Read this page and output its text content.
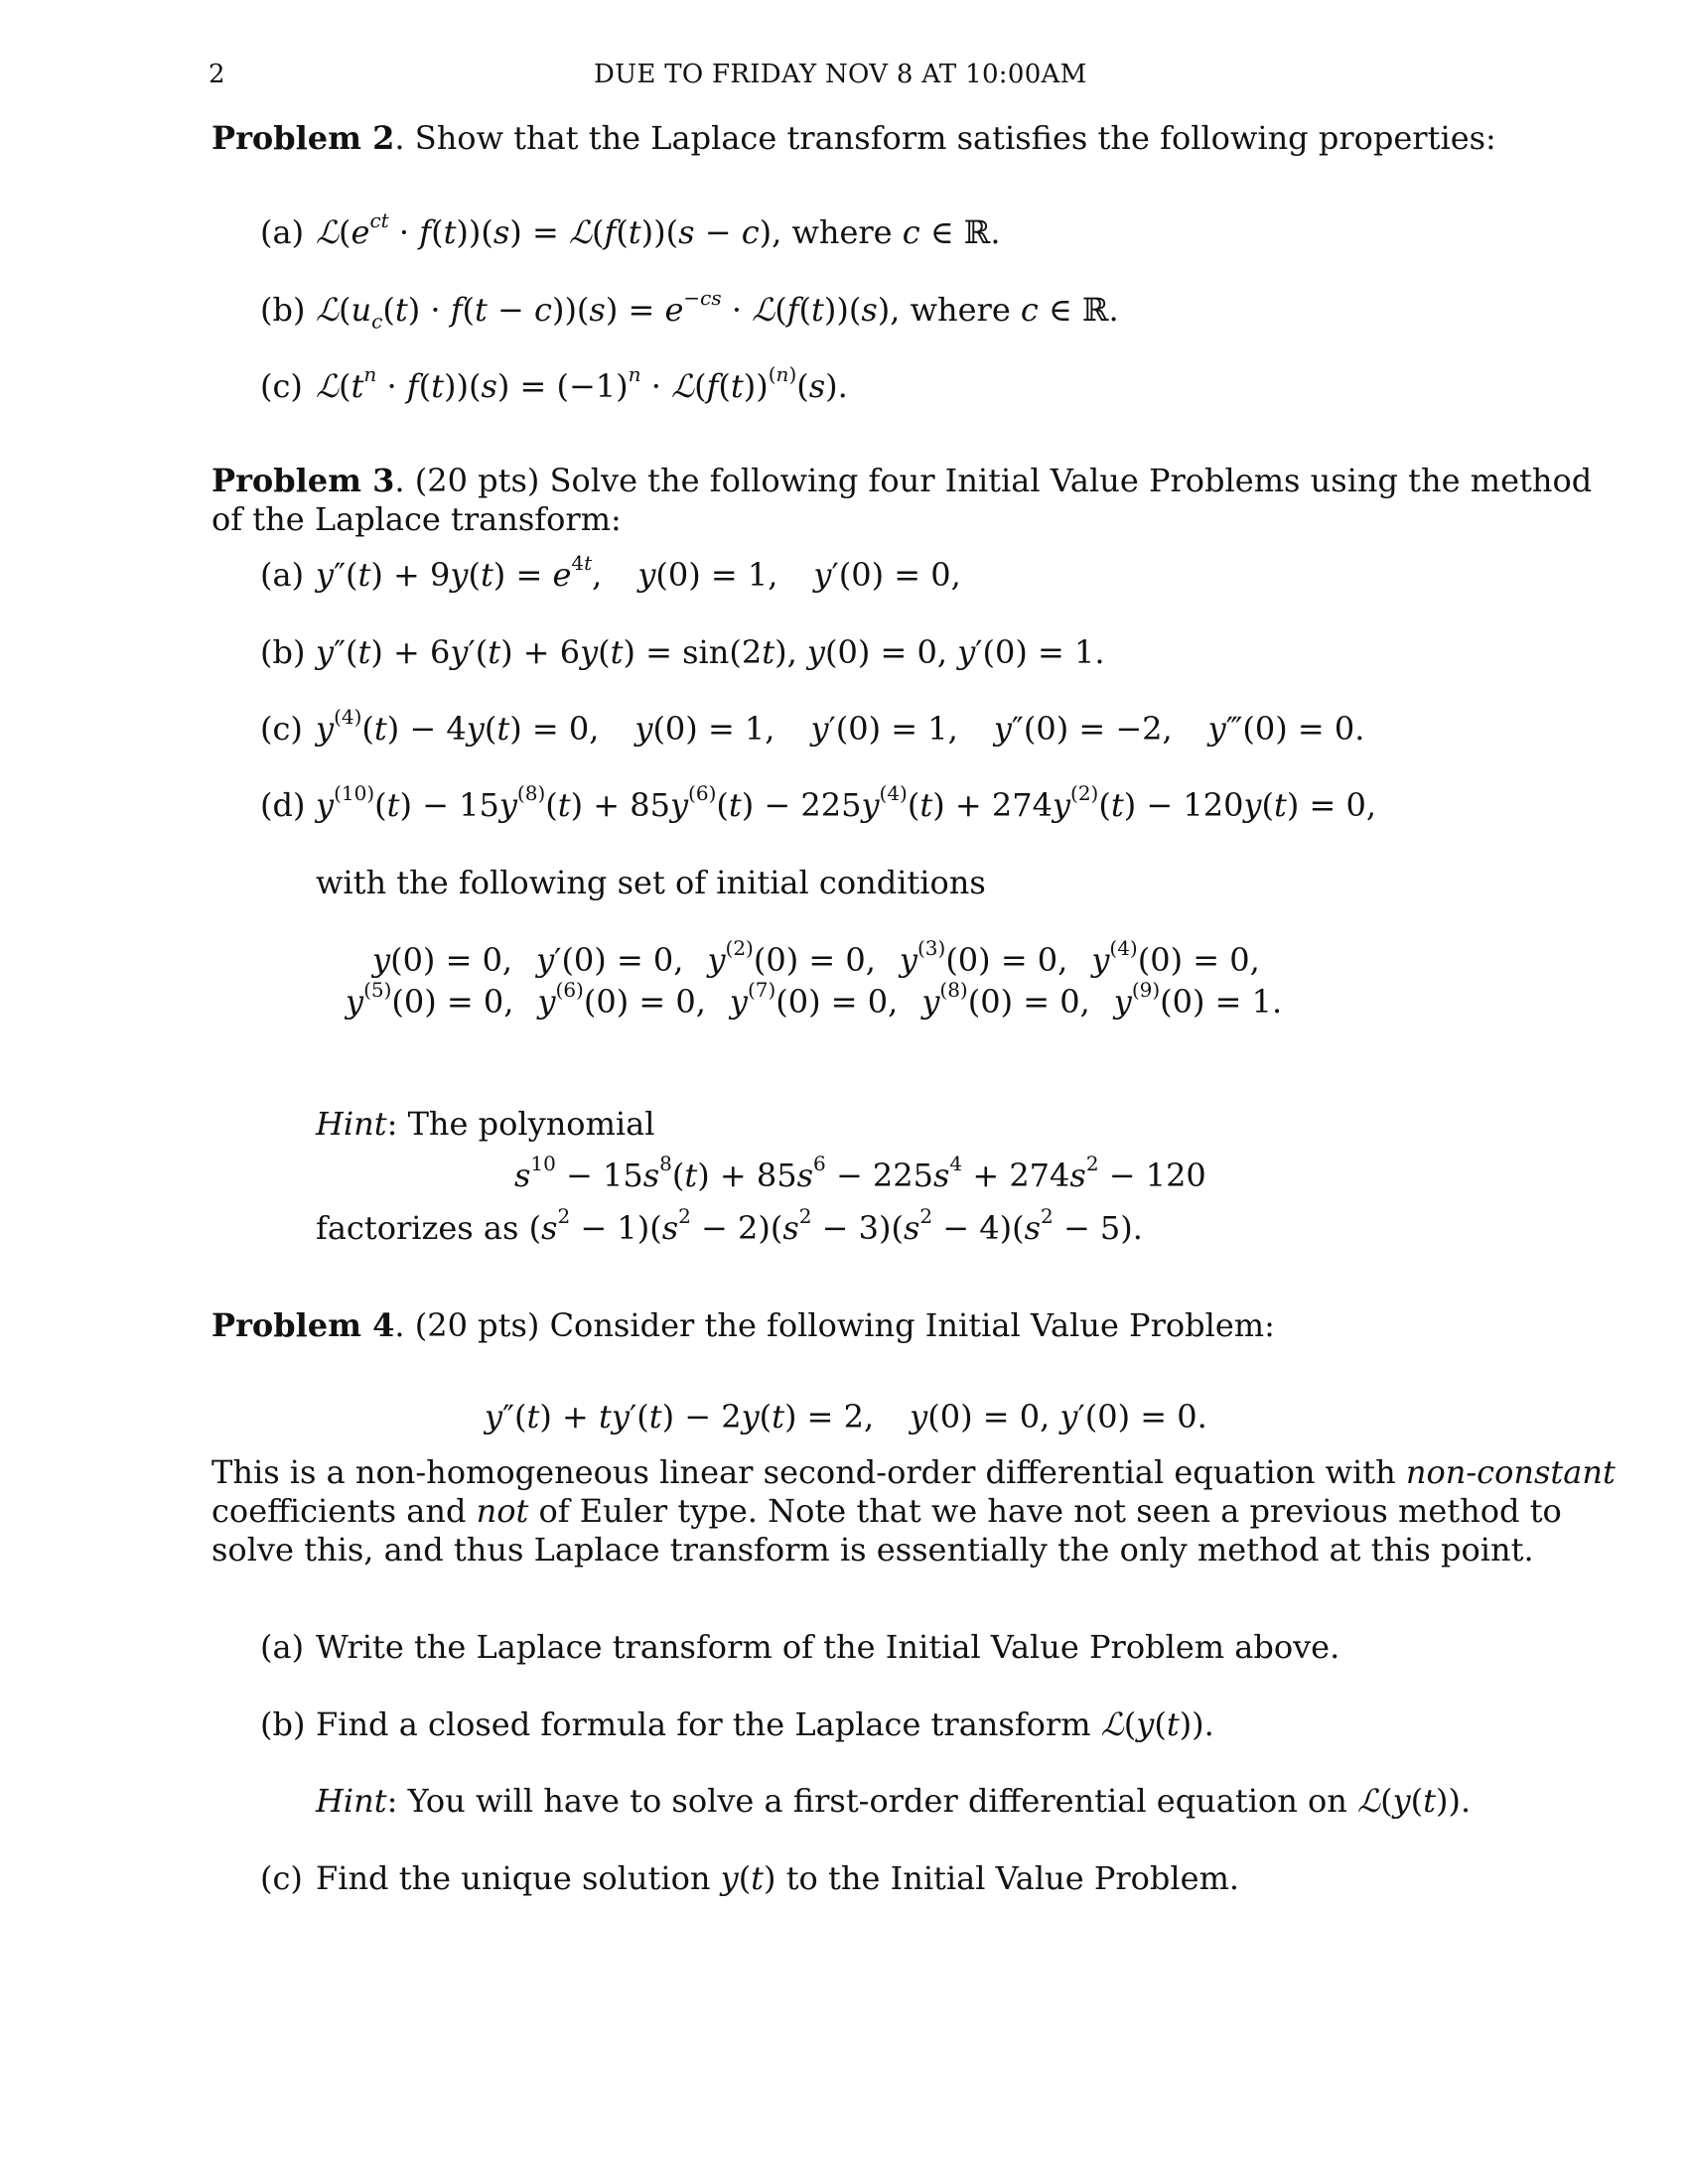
2	DUE TO FRIDAY NOV 8 AT 10:00AM
Problem 2. Show that the Laplace transform satisfies the following properties:
(a) $ℒ(e^{ct} \cdot f(t))(s)$ = ℒ(f(t))(s − c), where c ∈ ℝ.
(b) $ℒ(u_c(t) \cdot f(t - c))(s) = e^{-cs}$ · ℒ(f(t))(s), where c ∈ ℝ.
(c) $ℒ(t^n \cdot f(t))(s) = (-1)^n$ · $ℒ(f(t))^{(n)}(s)$.
Problem 3. (20 pts) Solve the following four Initial Value Problems using the method
of the Laplace transform:
(a) $y''(t) + 9y(t) = e^{4t}$, y(0) = 1, y′(0) = 0,
(b) y″(t) + 6y′(t) + 6y(t) = sin(2t), y(0) = 0, y′(0) = 1.
(c) $y^{(4)}(t) - 4y(t) = 0$, y(0) = 1, y′(0) = 1, y″(0) = −2, y‴(0) = 0.
(d) $y^{(10)}(t) - 15y^{(8)}(t) + 85y^{(6)}(t) - 225y^{(4)}(t) + 274y^{(2)}(t) - 120y(t) = 0$,
with the following set of initial conditions
y(0) = 0, y′(0) = 0, $y^{(2)}(0) = 0$, $y^{(3)}(0) = 0$, $y^{(4)}(0) = 0$,
$y^{(5)}(0) = 0$, $y^{(6)}(0) = 0$, $y^{(7)}(0) = 0$, $y^{(8)}(0) = 0$, $y^{(9)}(0) = 1$.
Hint: The polynomial
$s^{10} - 15s^8(t) + 85s^6 - 225s^4 + 274s^2 - 120$
factorizes as $(s^2 - 1)(s^2 - 2)(s^2 - 3)(s^2 - 4)(s^2 - 5)$.
Problem 4. (20 pts) Consider the following Initial Value Problem:
y″(t) + ty′(t) − 2y(t) = 2, y(0) = 0, y′(0) = 0.
This is a non-homogeneous linear second-order differential equation with non-constant
coefficients and not of Euler type. Note that we have not seen a previous method to
solve this, and thus Laplace transform is essentially the only method at this point.
(a) Write the Laplace transform of the Initial Value Problem above.
(b) Find a closed formula for the Laplace transform ℒ(y(t)).
Hint: You will have to solve a first-order differential equation on ℒ(y(t)).
(c) Find the unique solution y(t) to the Initial Value Problem.
